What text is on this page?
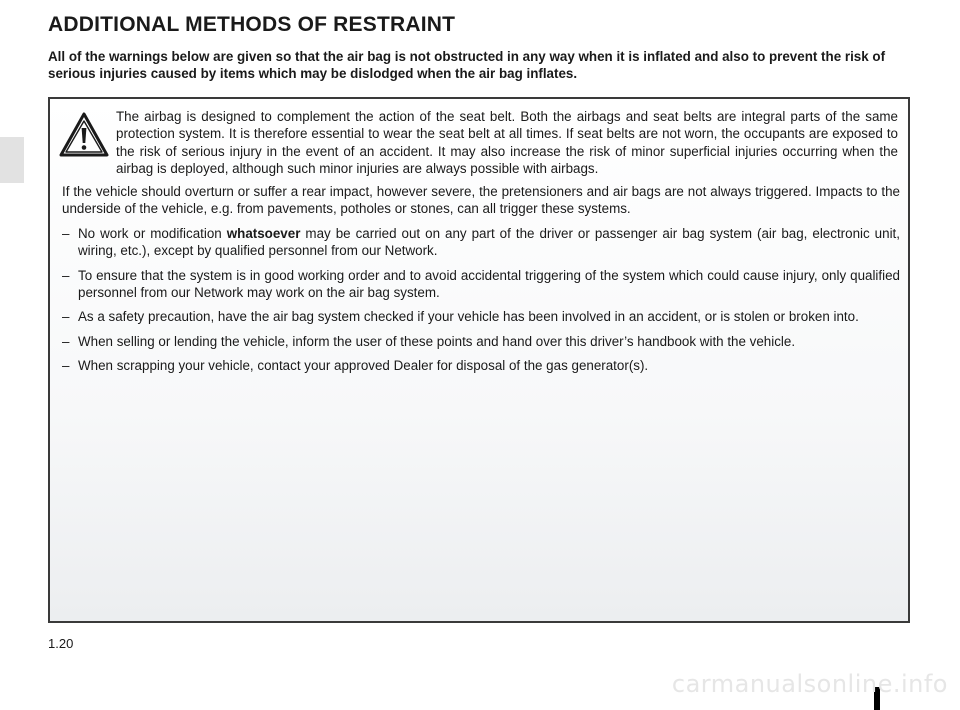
ADDITIONAL METHODS OF RESTRAINT

All of the warnings below are given so that the air bag is not obstructed in any way when it is inflated and also to prevent the risk of serious injuries caused by items which may be dislodged when the air bag inflates.

The airbag is designed to complement the action of the seat belt. Both the airbags and seat belts are integral parts of the same protection system. It is therefore essential to wear the seat belt at all times. If seat belts are not worn, the occupants are exposed to the risk of serious injury in the event of an accident. It may also increase the risk of minor superficial injuries occurring when the airbag is deployed, although such minor injuries are always possible with airbags.

If the vehicle should overturn or suffer a rear impact, however severe, the pretensioners and air bags are not always triggered. Impacts to the underside of the vehicle, e.g. from pavements, potholes or stones, can all trigger these systems.

– No work or modification whatsoever may be carried out on any part of the driver or passenger air bag system (air bag, electronic unit, wiring, etc.), except by qualified personnel from our Network.
– To ensure that the system is in good working order and to avoid accidental triggering of the system which could cause injury, only qualified personnel from our Network may work on the air bag system.
– As a safety precaution, have the air bag system checked if your vehicle has been involved in an accident, or is stolen or broken into.
– When selling or lending the vehicle, inform the user of these points and hand over this driver’s handbook with the vehicle.
– When scrapping your vehicle, contact your approved Dealer for disposal of the gas generator(s).
1.20
carmanualsonline.info
